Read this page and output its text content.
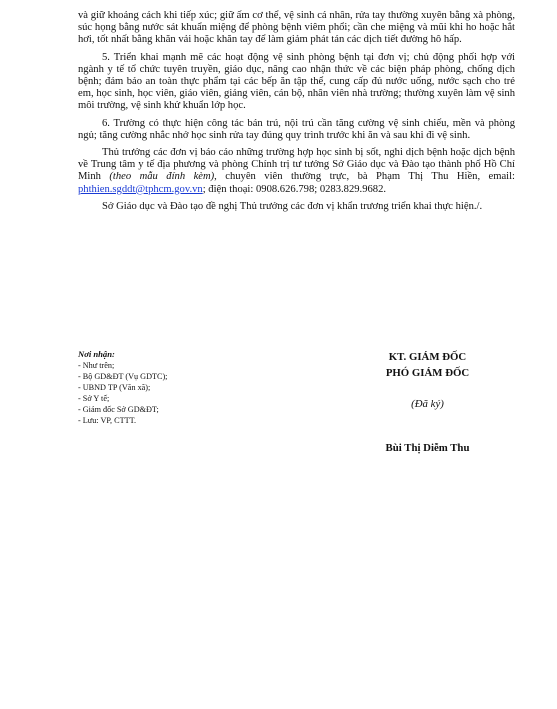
và giữ khoảng cách khi tiếp xúc; giữ ấm cơ thể, vệ sinh cá nhân, rửa tay thường xuyên bằng xà phòng, súc họng bằng nước sát khuẩn miệng để phòng bệnh viêm phổi; cần che miệng và mũi khi ho hoặc hắt hơi, tốt nhất bằng khăn vải hoặc khăn tay để làm giảm phát tán các dịch tiết đường hô hấp.

5. Triển khai mạnh mẽ các hoạt động vệ sinh phòng bệnh tại đơn vị; chủ động phối hợp với ngành y tế tổ chức tuyên truyền, giáo dục, nâng cao nhận thức về các biện pháp phòng, chống dịch bệnh; đảm bảo an toàn thực phẩm tại các bếp ăn tập thể, cung cấp đủ nước uống, nước sạch cho trẻ em, học sinh, học viên, giáo viên, giảng viên, cán bộ, nhân viên nhà trường; thường xuyên làm vệ sinh môi trường, vệ sinh khử khuẩn lớp học.

6. Trường có thực hiện công tác bán trú, nội trú cần tăng cường vệ sinh chiếu, mền và phòng ngủ; tăng cường nhắc nhở học sinh rửa tay đúng quy trình trước khi ăn và sau khi đi vệ sinh.

Thủ trưởng các đơn vị báo cáo những trường hợp học sinh bị sốt, nghi dịch bệnh hoặc dịch bệnh về Trung tâm y tế địa phương và phòng Chính trị tư tưởng Sở Giáo dục và Đào tạo thành phố Hồ Chí Minh (theo mẫu đính kèm), chuyên viên thường trực, bà Phạm Thị Thu Hiền, email: phthien.sgddt@tphcm.gov.vn; điện thoại: 0908.626.798; 0283.829.9682.

Sở Giáo dục và Đào tạo đề nghị Thủ trưởng các đơn vị khẩn trương triển khai thực hiện./.

Nơi nhận:
- Như trên;
- Bộ GD&ĐT (Vụ GDTC);
- UBND TP (Văn xã);
- Sở Y tế;
- Giám đốc Sở GD&ĐT;
- Lưu: VP, CTTT.
KT. GIÁM ĐỐC
PHÓ GIÁM ĐỐC
(Đã ký)
Bùi Thị Diễm Thu
